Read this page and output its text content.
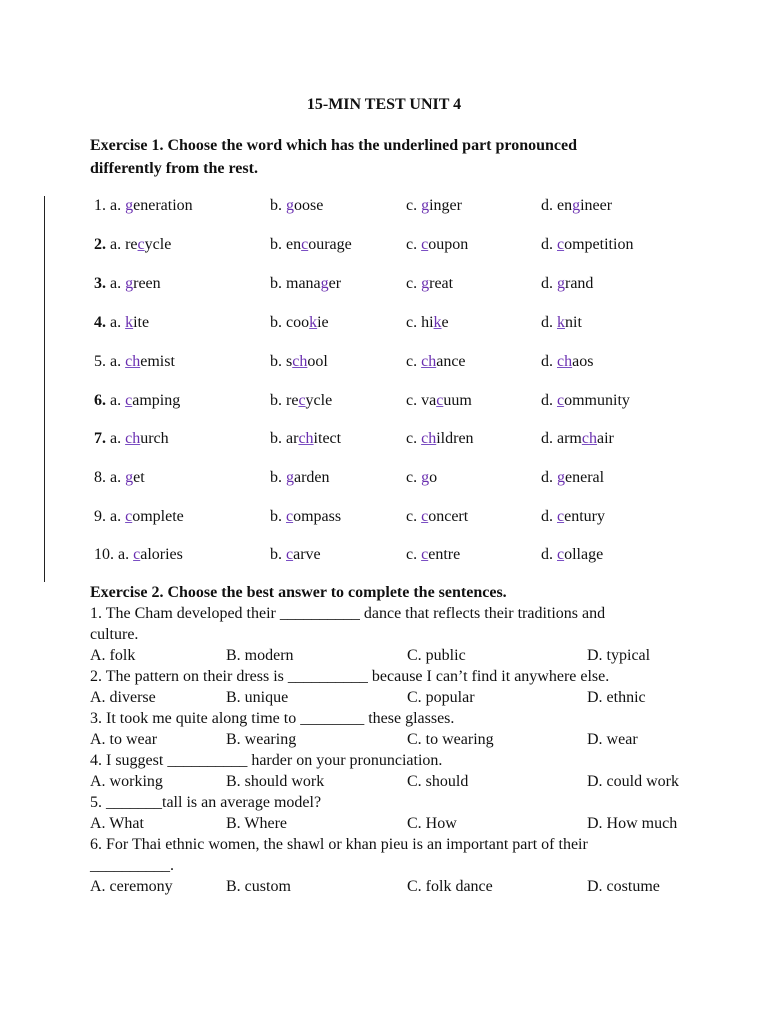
15-MIN TEST UNIT 4
Exercise 1. Choose the word which has the underlined part pronounced
differently from the rest.
1. a. generation	b. goose	c. ginger	d. engineer
2. a. recycle	b. encourage	c. coupon	d. competition
3. a. green	b. manager	c. great	d. grand
4. a. kite	b. cookie	c. hike	d. knit
5. a. chemist	b. school	c. chance	d. chaos
6. a. camping	b. recycle	c. vacuum	d. community
7. a. church	b. architect	c. children	d. armchair
8. a. get	b. garden	c. go	d. general
9. a. complete	b. compass	c. concert	d. century
10. a. calories	b. carve	c. centre	d. collage
Exercise 2. Choose the best answer to complete the sentences.
1. The Cham developed their __________ dance that reflects their traditions and
culture.
A. folk	B. modern	C. public	D. typical
2. The pattern on their dress is __________ because I can’t find it anywhere else.
A. diverse	B. unique	C. popular	D. ethnic
3. It took me quite along time to ________ these glasses.
A. to wear	B. wearing	C. to wearing	D. wear
4. I suggest __________ harder on your pronunciation.
A. working	B. should work	C. should	D. could work
5. _______tall is an average model?
A. What	B. Where	C. How	D. How much
6. For Thai ethnic women, the shawl or khan pieu is an important part of their
__________.
A. ceremony	B. custom	C. folk dance	D. costume
